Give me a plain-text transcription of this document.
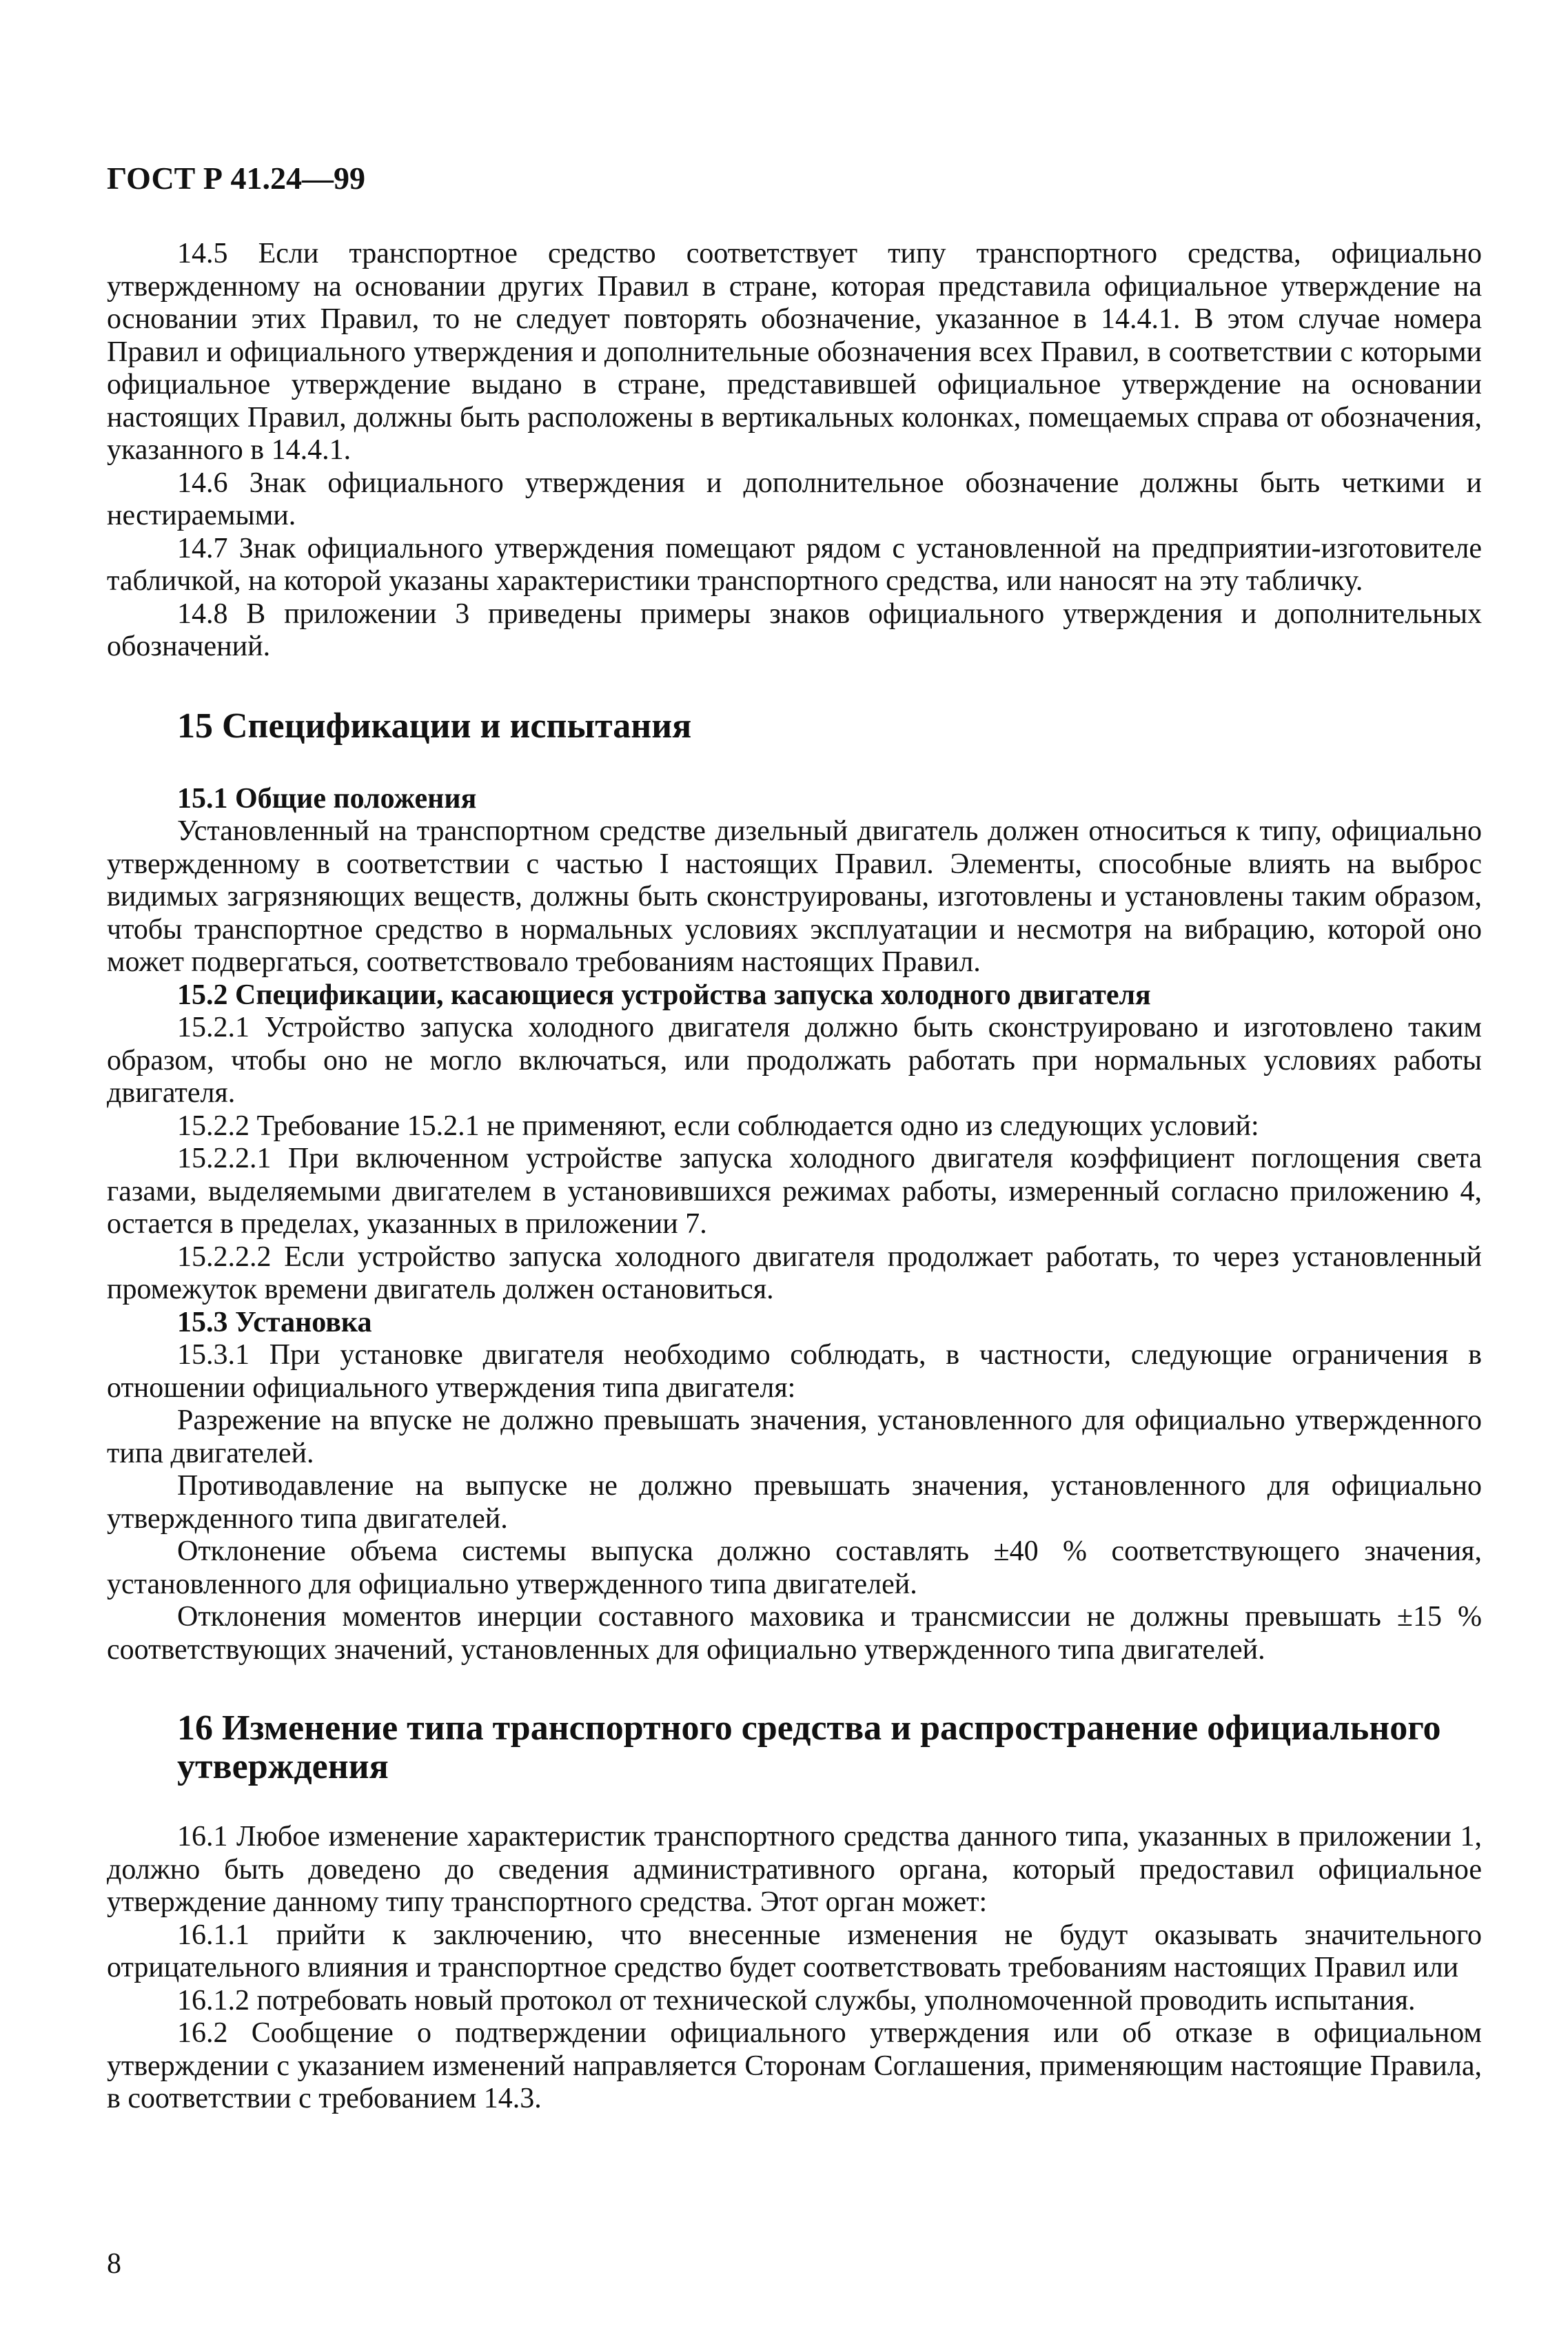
ГОСТ Р 41.24—99

14.5 Если транспортное средство соответствует типу транспортного средства, официально утвержденному на основании других Правил в стране, которая представила официальное утверждение на основании этих Правил, то не следует повторять обозначение, указанное в 14.4.1. В этом случае номера Правил и официального утверждения и дополнительные обозначения всех Правил, в соответствии с которыми официальное утверждение выдано в стране, представившей официальное утверждение на основании настоящих Правил, должны быть расположены в вертикальных колонках, помещаемых справа от обозначения, указанного в 14.4.1.

14.6 Знак официального утверждения и дополнительное обозначение должны быть четкими и нестираемыми.

14.7 Знак официального утверждения помещают рядом с установленной на предприятии-изготовителе табличкой, на которой указаны характеристики транспортного средства, или наносят на эту табличку.

14.8 В приложении 3 приведены примеры знаков официального утверждения и дополнительных обозначений.

15 Спецификации и испытания

15.1 Общие положения

Установленный на транспортном средстве дизельный двигатель должен относиться к типу, официально утвержденному в соответствии с частью I настоящих Правил. Элементы, способные влиять на выброс видимых загрязняющих веществ, должны быть сконструированы, изготовлены и установлены таким образом, чтобы транспортное средство в нормальных условиях эксплуатации и несмотря на вибрацию, которой оно может подвергаться, соответствовало требованиям настоящих Правил.

15.2 Спецификации, касающиеся устройства запуска холодного двигателя

15.2.1 Устройство запуска холодного двигателя должно быть сконструировано и изготовлено таким образом, чтобы оно не могло включаться, или продолжать работать при нормальных условиях работы двигателя.

15.2.2 Требование 15.2.1 не применяют, если соблюдается одно из следующих условий:

15.2.2.1 При включенном устройстве запуска холодного двигателя коэффициент поглощения света газами, выделяемыми двигателем в установившихся режимах работы, измеренный согласно приложению 4, остается в пределах, указанных в приложении 7.

15.2.2.2 Если устройство запуска холодного двигателя продолжает работать, то через установленный промежуток времени двигатель должен остановиться.

15.3 Установка

15.3.1 При установке двигателя необходимо соблюдать, в частности, следующие ограничения в отношении официального утверждения типа двигателя:

Разрежение на впуске не должно превышать значения, установленного для официально утвержденного типа двигателей.

Противодавление на выпуске не должно превышать значения, установленного для официально утвержденного типа двигателей.

Отклонение объема системы выпуска должно составлять ±40 % соответствующего значения, установленного для официально утвержденного типа двигателей.

Отклонения моментов инерции составного маховика и трансмиссии не должны превышать ±15 % соответствующих значений, установленных для официально утвержденного типа двигателей.

16 Изменение типа транспортного средства и распространение официального утверждения

16.1 Любое изменение характеристик транспортного средства данного типа, указанных в приложении 1, должно быть доведено до сведения административного органа, который предоставил официальное утверждение данному типу транспортного средства. Этот орган может:

16.1.1 прийти к заключению, что внесенные изменения не будут оказывать значительного отрицательного влияния и транспортное средство будет соответствовать требованиям настоящих Правил или

16.1.2 потребовать новый протокол от технической службы, уполномоченной проводить испытания.

16.2 Сообщение о подтверждении официального утверждения или об отказе в официальном утверждении с указанием изменений направляется Сторонам Соглашения, применяющим настоящие Правила, в соответствии с требованием 14.3.

8
